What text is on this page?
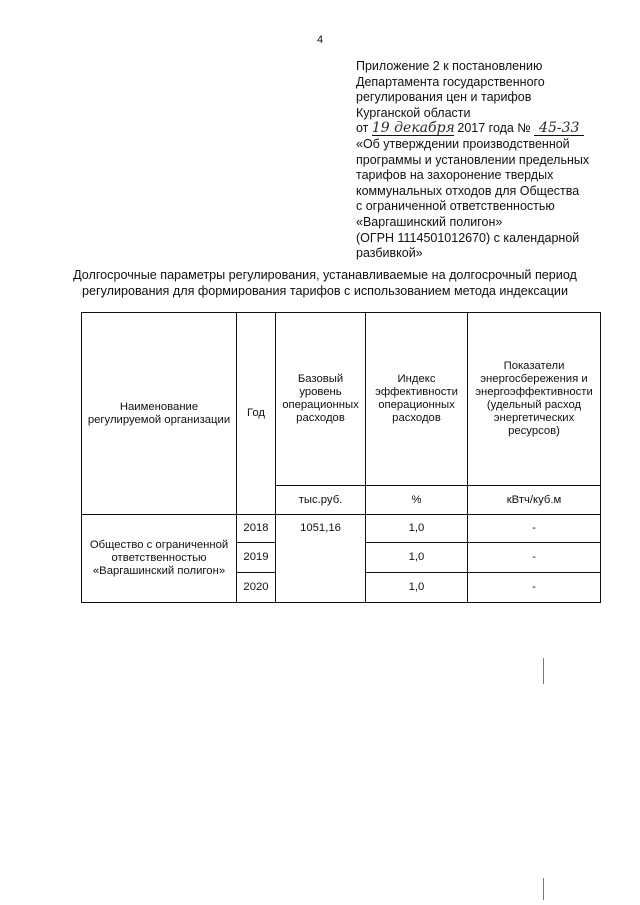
4
Приложение 2 к постановлению
Департамента государственного
регулирования цен и тарифов
Курганской области
от 19 декабря 2017 года № 45-33
«Об утверждении производственной
программы и установлении предельных
тарифов на захоронение твердых
коммунальных отходов для Общества
с ограниченной ответственностью
«Варгашинский полигон»
(ОГРН 1114501012670) с календарной
разбивкой»
Долгосрочные параметры регулирования, устанавливаемые на долгосрочный период
регулирования для формирования тарифов с использованием метода индексации
Наименование регулируемой организации	Год	Базовый уровень операционных расходов	Индекс эффективности операционных расходов	Показатели энергосбережения и энергоэффективности (удельный расход энергетических ресурсов)
		тыс.руб.	%	кВтч/куб.м
Общество с ограниченной ответственностью «Варгашинский полигон»	2018	1051,16	1,0	-
	2019		1,0	-
	2020		1,0	-
